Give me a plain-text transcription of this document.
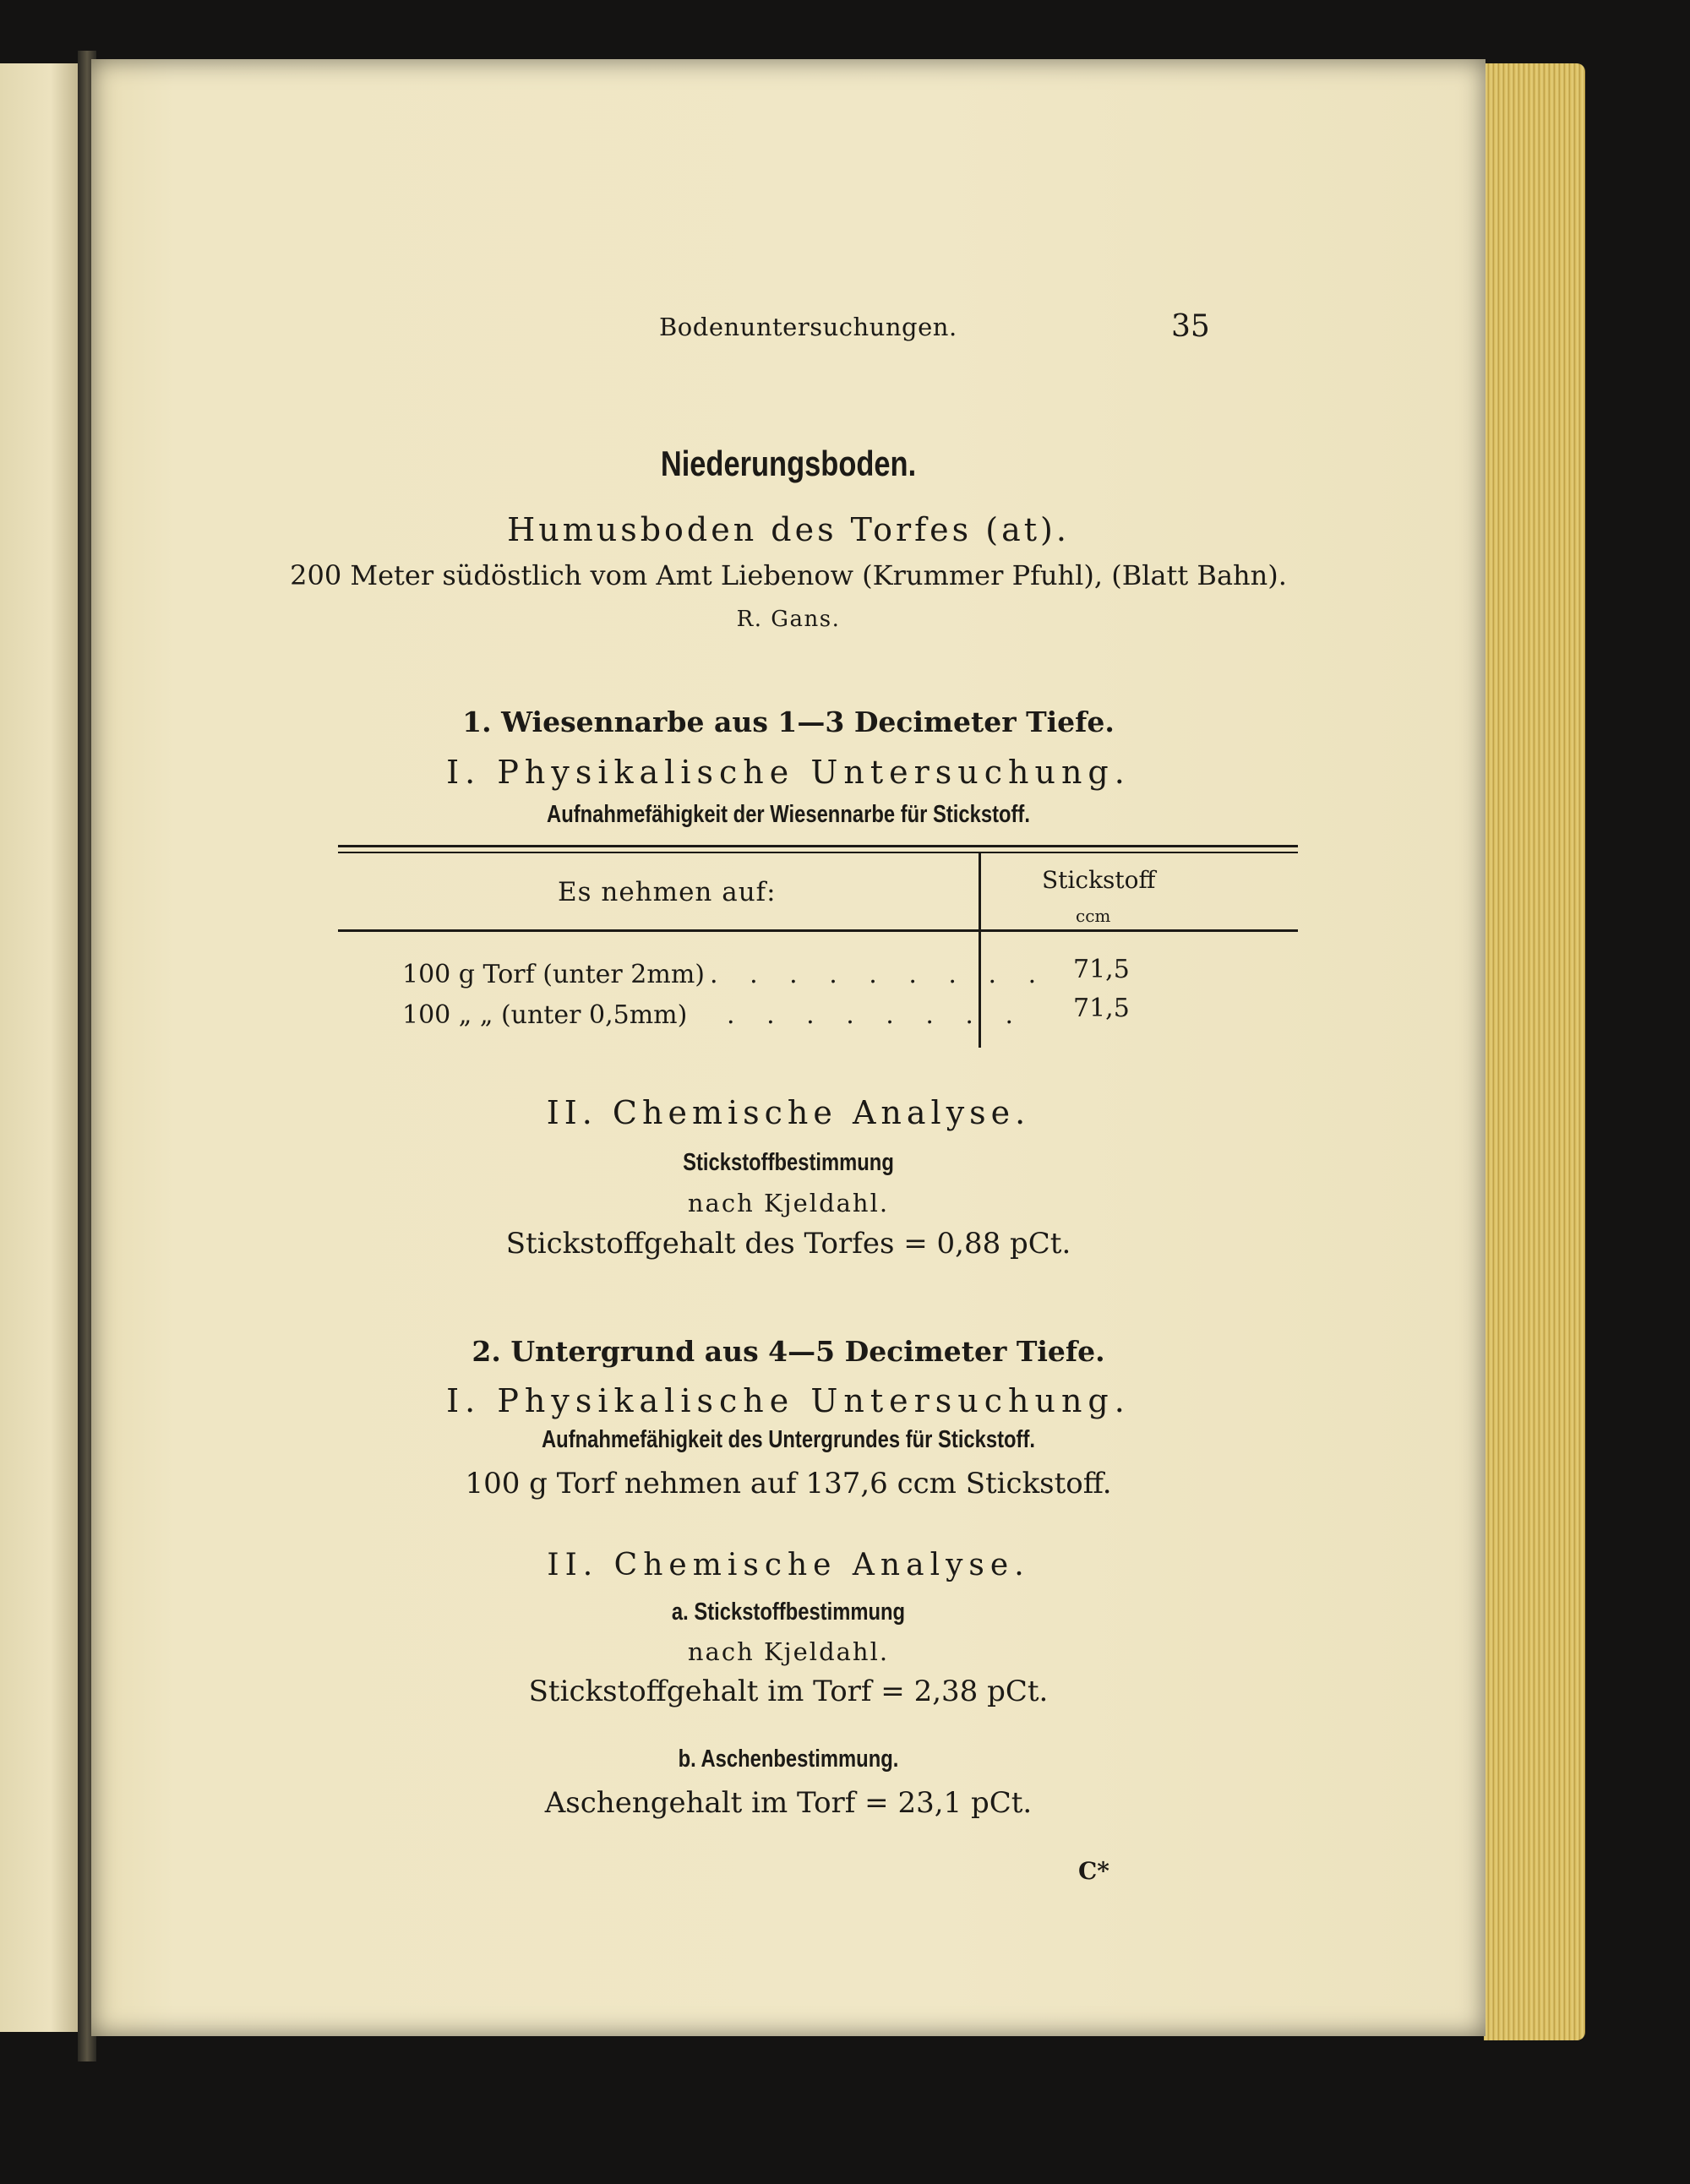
Bodenuntersuchungen.	35
Niederungsboden.
Humusboden des Torfes (at).
200 Meter südöstlich vom Amt Liebenow (Krummer Pfuhl), (Blatt Bahn).
R. Gans.
1. Wiesennarbe aus 1—3 Decimeter Tiefe.
I. Physikalische Untersuchung.
Aufnahmefähigkeit der Wiesennarbe für Stickstoff.
Es nehmen auf:	Stickstoff
ccm
100 g Torf (unter 2mm) . . . . . . . . . 71,5
100 „ „ (unter 0,5mm) . . . . . . . . 71,5
II. Chemische Analyse.
Stickstoffbestimmung
nach Kjeldahl.
Stickstoffgehalt des Torfes = 0,88 pCt.
2. Untergrund aus 4—5 Decimeter Tiefe.
I. Physikalische Untersuchung.
Aufnahmefähigkeit des Untergrundes für Stickstoff.
100 g Torf nehmen auf 137,6 ccm Stickstoff.
II. Chemische Analyse.
a. Stickstoffbestimmung
nach Kjeldahl.
Stickstoffgehalt im Torf = 2,38 pCt.
b. Aschenbestimmung.
Aschengehalt im Torf = 23,1 pCt.
C*
